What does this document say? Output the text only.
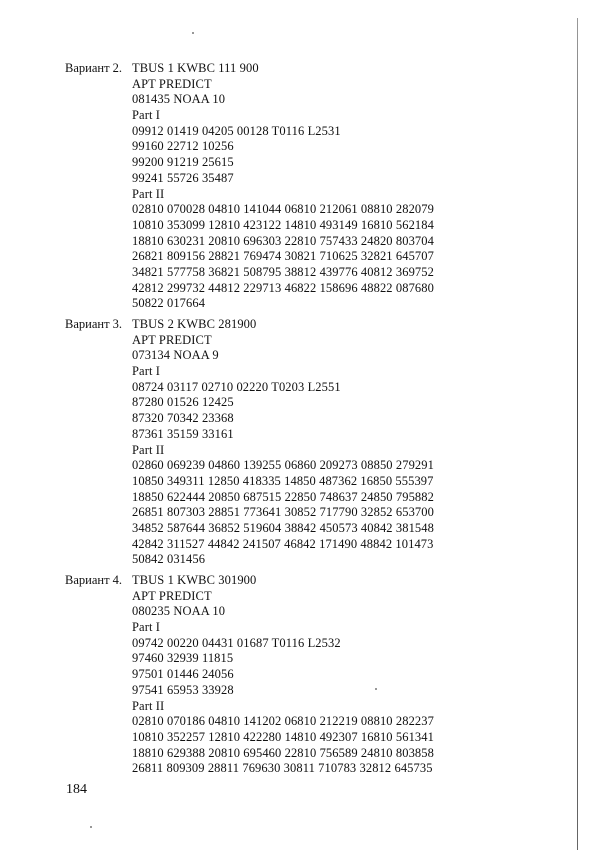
Вариант 2. TBUS 1 KWBC 111 900
APT PREDICT
081435 NOAA 10
Part I
09912 01419 04205 00128 T0116 L2531
99160 22712 10256
99200 91219 25615
99241 55726 35487
Part II
02810 070028 04810 141044 06810 212061 08810 282079
10810 353099 12810 423122 14810 493149 16810 562184
18810 630231 20810 696303 22810 757433 24820 803704
26821 809156 28821 769474 30821 710625 32821 645707
34821 577758 36821 508795 38812 439776 40812 369752
42812 299732 44812 229713 46822 158696 48822 087680
50822 017664
Вариант 3. TBUS 2 KWBC 281900
APT PREDICT
073134 NOAA 9
Part I
08724 03117 02710 02220 T0203 L2551
87280 01526 12425
87320 70342 23368
87361 35159 33161
Part II
02860 069239 04860 139255 06860 209273 08850 279291
10850 349311 12850 418335 14850 487362 16850 555397
18850 622444 20850 687515 22850 748637 24850 795882
26851 807303 28851 773641 30852 717790 32852 653700
34852 587644 36852 519604 38842 450573 40842 381548
42842 311527 44842 241507 46842 171490 48842 101473
50842 031456
Вариант 4. TBUS 1 KWBC 301900
APT PREDICT
080235 NOAA 10
Part I
09742 00220 04431 01687 T0116 L2532
97460 32939 11815
97501 01446 24056
97541 65953 33928
Part II
02810 070186 04810 141202 06810 212219 08810 282237
10810 352257 12810 422280 14810 492307 16810 561341
18810 629388 20810 695460 22810 756589 24810 803858
26811 809309 28811 769630 30811 710783 32812 645735
184
